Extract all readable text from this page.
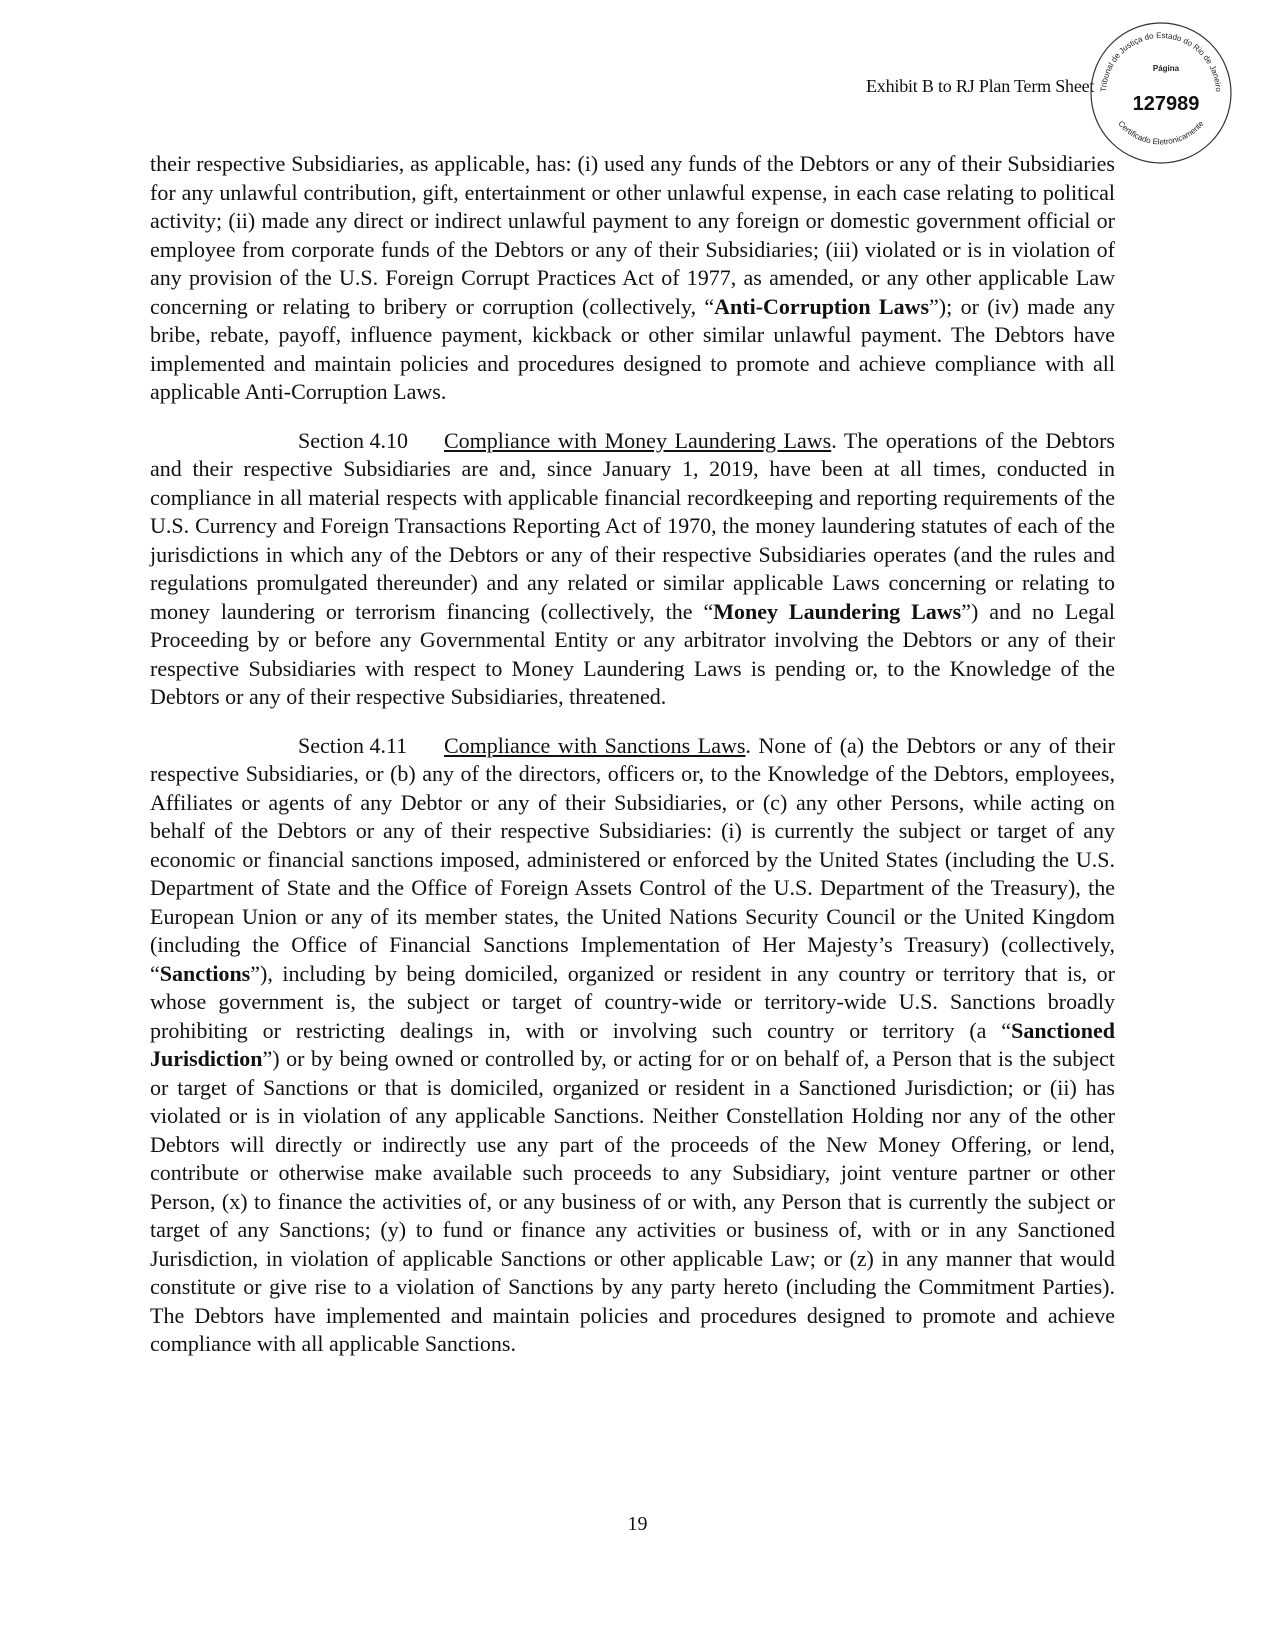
Exhibit B to RJ Plan Term Sheet Tribunal de Justiça do Estado do Rio de Janeiro
Certificado Eletronicamente
Página
127989

their respective Subsidiaries, as applicable, has: (i) used any funds of the Debtors or any of their Subsidiaries for any unlawful contribution, gift, entertainment or other unlawful expense, in each case relating to political activity; (ii) made any direct or indirect unlawful payment to any foreign or domestic government official or employee from corporate funds of the Debtors or any of their Subsidiaries; (iii) violated or is in violation of any provision of the U.S. Foreign Corrupt Practices Act of 1977, as amended, or any other applicable Law concerning or relating to bribery or corruption (collectively, “Anti-Corruption Laws”); or (iv) made any bribe, rebate, payoff, influence payment, kickback or other similar unlawful payment. The Debtors have implemented and maintain policies and procedures designed to promote and achieve compliance with all applicable Anti-Corruption Laws.

Section 4.10 Compliance with Money Laundering Laws. The operations of the Debtors and their respective Subsidiaries are and, since January 1, 2019, have been at all times, conducted in compliance in all material respects with applicable financial recordkeeping and reporting requirements of the U.S. Currency and Foreign Transactions Reporting Act of 1970, the money laundering statutes of each of the jurisdictions in which any of the Debtors or any of their respective Subsidiaries operates (and the rules and regulations promulgated thereunder) and any related or similar applicable Laws concerning or relating to money laundering or terrorism financing (collectively, the “Money Laundering Laws”) and no Legal Proceeding by or before any Governmental Entity or any arbitrator involving the Debtors or any of their respective Subsidiaries with respect to Money Laundering Laws is pending or, to the Knowledge of the Debtors or any of their respective Subsidiaries, threatened.

Section 4.11 Compliance with Sanctions Laws. None of (a) the Debtors or any of their respective Subsidiaries, or (b) any of the directors, officers or, to the Knowledge of the Debtors, employees, Affiliates or agents of any Debtor or any of their Subsidiaries, or (c) any other Persons, while acting on behalf of the Debtors or any of their respective Subsidiaries: (i) is currently the subject or target of any economic or financial sanctions imposed, administered or enforced by the United States (including the U.S. Department of State and the Office of Foreign Assets Control of the U.S. Department of the Treasury), the European Union or any of its member states, the United Nations Security Council or the United Kingdom (including the Office of Financial Sanctions Implementation of Her Majesty’s Treasury) (collectively, “Sanctions”), including by being domiciled, organized or resident in any country or territory that is, or whose government is, the subject or target of country-wide or territory-wide U.S. Sanctions broadly prohibiting or restricting dealings in, with or involving such country or territory (a “Sanctioned Jurisdiction”) or by being owned or controlled by, or acting for or on behalf of, a Person that is the subject or target of Sanctions or that is domiciled, organized or resident in a Sanctioned Jurisdiction; or (ii) has violated or is in violation of any applicable Sanctions. Neither Constellation Holding nor any of the other Debtors will directly or indirectly use any part of the proceeds of the New Money Offering, or lend, contribute or otherwise make available such proceeds to any Subsidiary, joint venture partner or other Person, (x) to finance the activities of, or any business of or with, any Person that is currently the subject or target of any Sanctions; (y) to fund or finance any activities or business of, with or in any Sanctioned Jurisdiction, in violation of applicable Sanctions or other applicable Law; or (z) in any manner that would constitute or give rise to a violation of Sanctions by any party hereto (including the Commitment Parties). The Debtors have implemented and maintain policies and procedures designed to promote and achieve compliance with all applicable Sanctions.

19
